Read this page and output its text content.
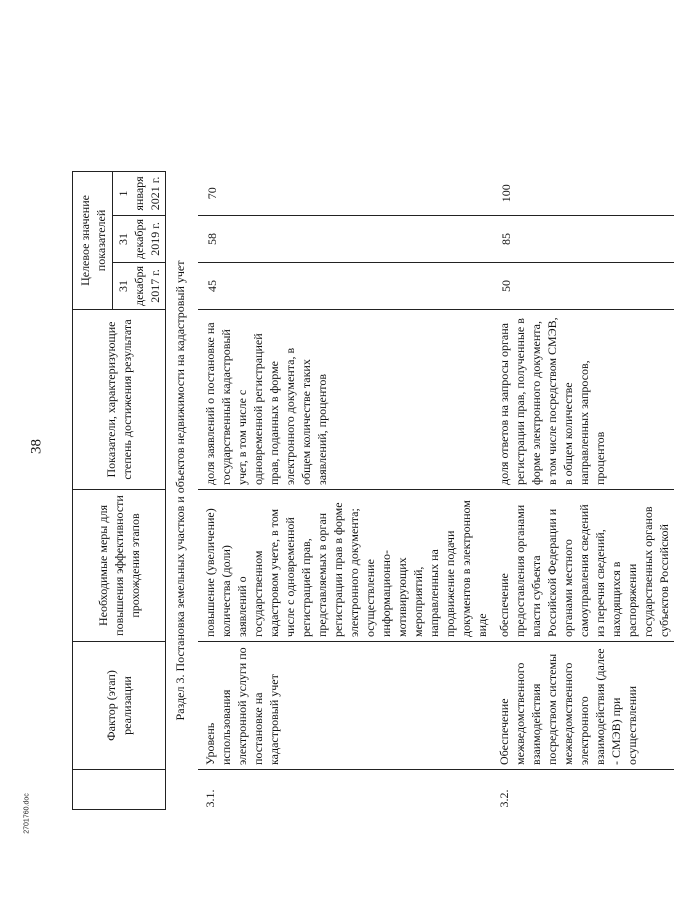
38
2701760.doc
	Фактор (этап) реализации	Необходимые меры для повышения эффективности прохождения этапов	Показатели, характеризующие степень достижения результата	Целевое значение показателей		
				31 декабря 2017 г.	31 декабря 2019 г.	1 января 2021 г.
Раздел 3. Постановка земельных участков и объектов недвижимости на кадастровый учет						
3.1.	Уровень использования электронной услуги по постановке на кадастровый учет	повышение (увеличение) количества (доли) заявлений о государственном кадастровом учете, в том числе с одновременной регистрацией прав, представляемых в орган регистрации прав в форме электронного документа; осуществление информационно-мотивирующих мероприятий, направленных на продвижение подачи документов в электронном виде	доля заявлений о постановке на государственный кадастровый учет, в том числе с одновременной регистрацией прав, поданных в форме электронного документа, в общем количестве таких заявлений, процентов	45	58	70
3.2.	Обеспечение межведомственного взаимодействия посредством системы межведомственного электронного взаимодействия (далее - СМЭВ) при осуществлении	обеспечение предоставления органами власти субъекта Российской Федерации и органами местного самоуправления сведений из перечня сведений, находящихся в распоряжении государственных органов субъектов Российской	доля ответов на запросы органа регистрации прав, полученные в форме электронного документа, в том числе посредством СМЭВ, в общем количестве направленных запросов, процентов	50	85	100
